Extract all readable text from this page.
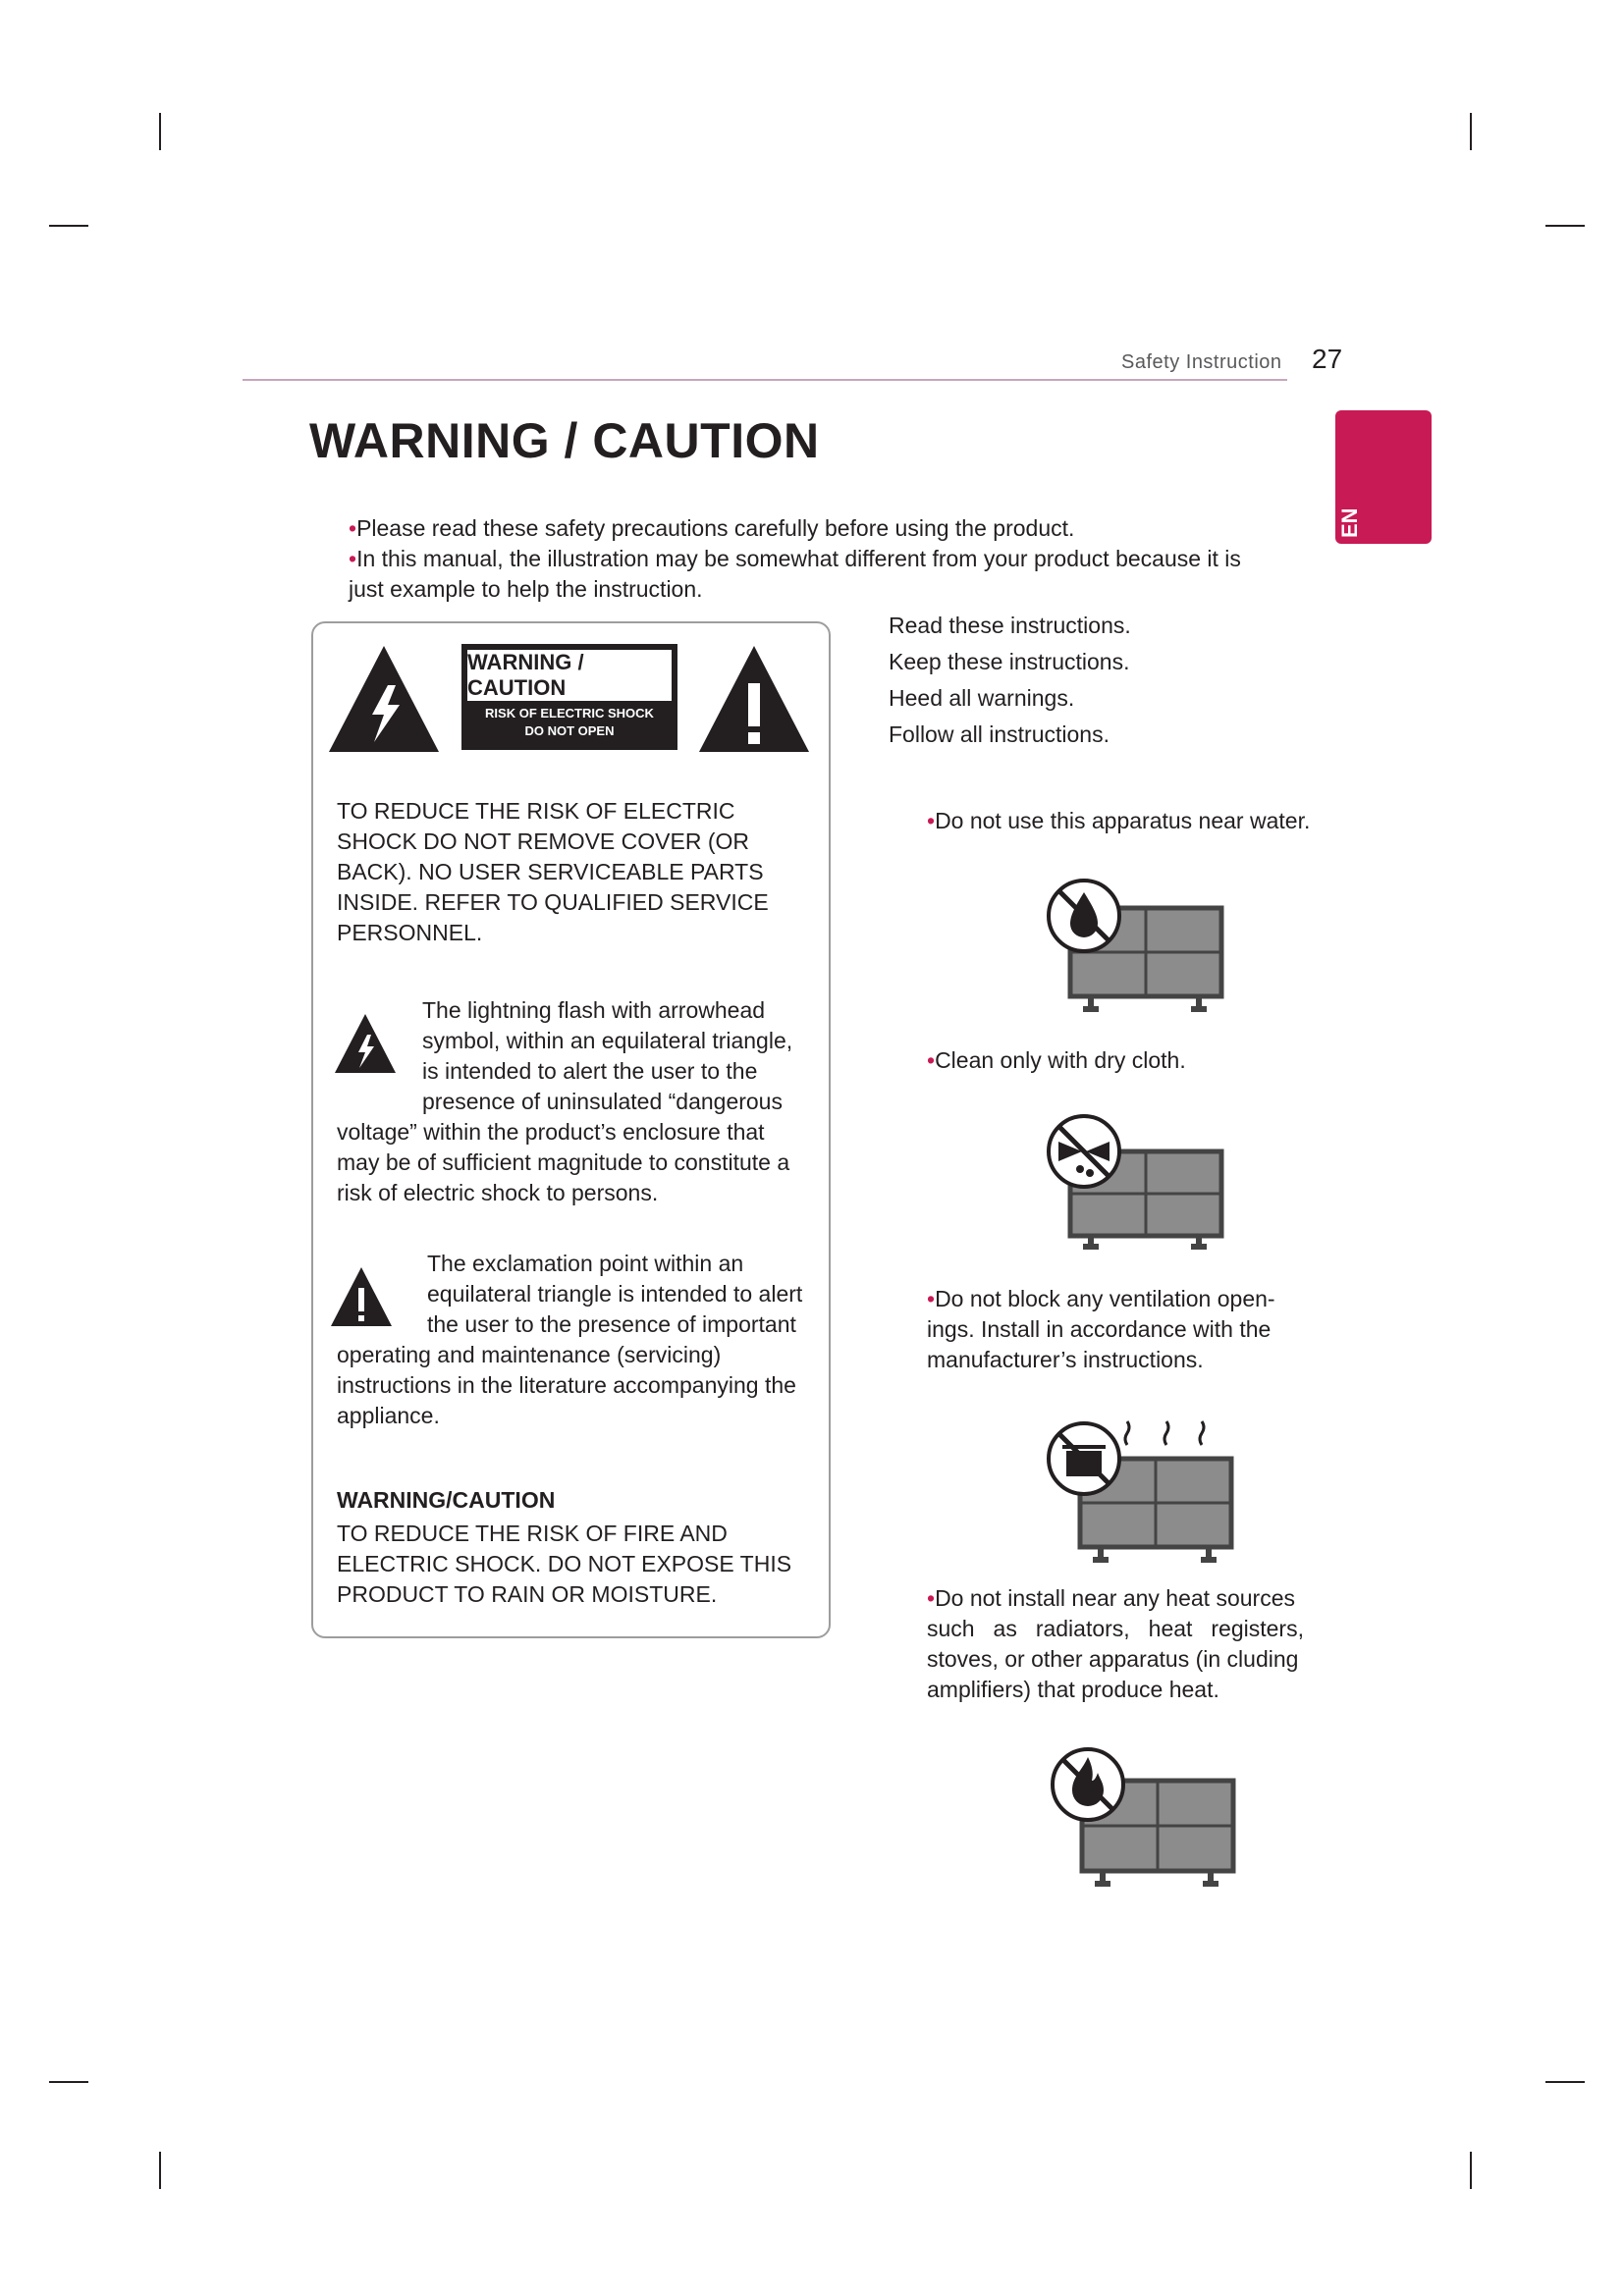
Safety Instruction 27
EN
WARNING / CAUTION
•Please read these safety precautions carefully before using the product.
•In this manual, the illustration may be somewhat different from your product because it is
just example to help the instruction.
WARNING / CAUTION
RISK OF ELECTRIC SHOCK
DO NOT OPEN
TO REDUCE THE RISK OF ELECTRIC
SHOCK DO NOT REMOVE COVER (OR
BACK). NO USER SERVICEABLE PARTS
INSIDE. REFER TO QUALIFIED SERVICE
PERSONNEL.
The lightning flash with arrowhead
symbol, within an equilateral triangle,
is intended to alert the user to the
presence of uninsulated “dangerous
voltage” within the product’s enclosure that
may be of sufficient magnitude to constitute a
risk of electric shock to persons.
The exclamation point within an
equilateral triangle is intended to alert
the user to the presence of important
operating and maintenance (servicing)
instructions in the literature accompanying the
appliance.
WARNING/CAUTION
TO REDUCE THE RISK OF FIRE AND
ELECTRIC SHOCK. DO NOT EXPOSE THIS
PRODUCT TO RAIN OR MOISTURE.
Read these instructions.
Keep these instructions.
Heed all warnings.
Follow all instructions.
•Do not use this apparatus near water.
•Clean only with dry cloth.
•Do not block any ventilation open-
ings. Install in accordance with the
manufacturer’s instructions.
•Do not install near any heat sources
such as radiators, heat registers,
stoves, or other apparatus (in cluding
amplifiers) that produce heat.
